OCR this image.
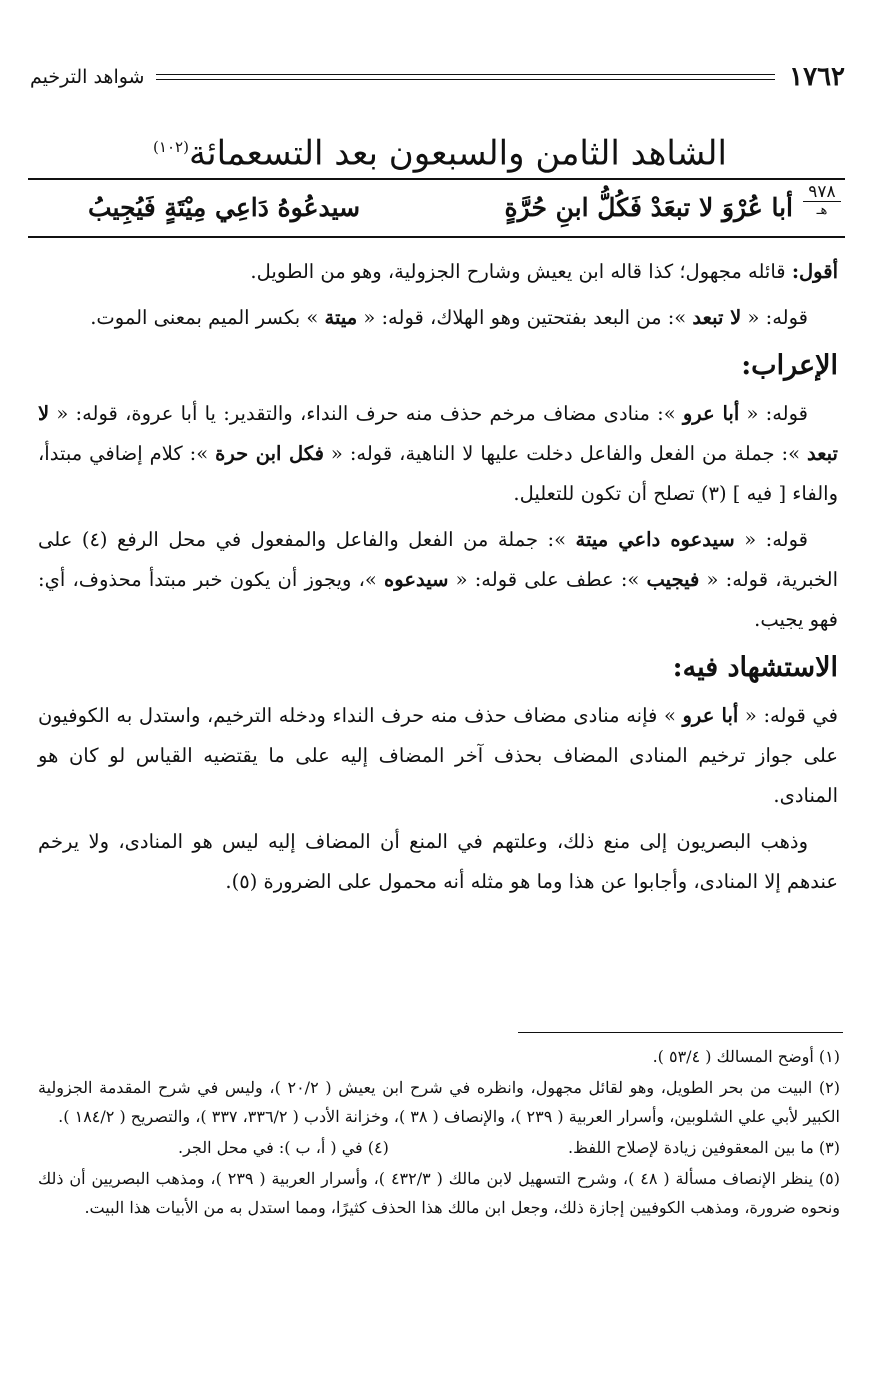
١٧٦٢
شواهد الترخيم
الشاهد الثامن والسبعون بعد التسعمائة$^{(١٠٢)}$
٩٧٨
هـ
أبا عُرْوَ لا تبعَدْ فَكُلُّ ابنِ حُرَّةٍ
سيدعُوهُ دَاعِي مِيْتَةٍ فَيُجِيبُ

أقول: قائله مجهول؛ كذا قاله ابن يعيش وشارح الجزولية، وهو من الطويل.

قوله: « لا تبعد »: من البعد بفتحتين وهو الهلاك، قوله: « ميتة » بكسر الميم بمعنى الموت.

الإعراب:

قوله: « أبا عرو »: منادى مضاف مرخم حذف منه حرف النداء، والتقدير: يا أبا عروة، قوله: « لا تبعد »: جملة من الفعل والفاعل دخلت عليها لا الناهية، قوله: « فكل ابن حرة »: كلام إضافي مبتدأ، والفاء [ فيه ] (٣) تصلح أن تكون للتعليل.

قوله: « سيدعوه داعي ميتة »: جملة من الفعل والفاعل والمفعول في محل الرفع (٤) على الخبرية، قوله: « فيجيب »: عطف على قوله: « سيدعوه »، ويجوز أن يكون خبر مبتدأ محذوف، أي: فهو يجيب.

الاستشهاد فيه:

في قوله: « أبا عرو » فإنه منادى مضاف حذف منه حرف النداء ودخله الترخيم، واستدل به الكوفيون على جواز ترخيم المنادى المضاف بحذف آخر المضاف إليه على ما يقتضيه القياس لو كان هو المنادى.

وذهب البصريون إلى منع ذلك، وعلتهم في المنع أن المضاف إليه ليس هو المنادى، ولا يرخم عندهم إلا المنادى، وأجابوا عن هذا وما هو مثله أنه محمول على الضرورة (٥).

(١) أوضح المسالك ( ٥٣/٤ ).

(٢) البيت من بحر الطويل، وهو لقائل مجهول، وانظره في شرح ابن يعيش ( ٢٠/٢ )، وليس في شرح المقدمة الجزولية الكبير لأبي علي الشلوبين، وأسرار العربية ( ٢٣٩ )، والإنصاف ( ٣٨ )، وخزانة الأدب ( ٣٣٦/٢، ٣٣٧ )، والتصريح ( ١٨٤/٢ ).

(٣) ما بين المعقوفين زيادة لإصلاح اللفظ.

(٤) في ( أ، ب ): في محل الجر.

(٥) ينظر الإنصاف مسألة ( ٤٨ )، وشرح التسهيل لابن مالك ( ٤٣٢/٣ )، وأسرار العربية ( ٢٣٩ )، ومذهب البصريين أن ذلك ونحوه ضرورة، ومذهب الكوفيين إجازة ذلك، وجعل ابن مالك هذا الحذف كثيرًا، ومما استدل به من الأبيات هذا البيت.
